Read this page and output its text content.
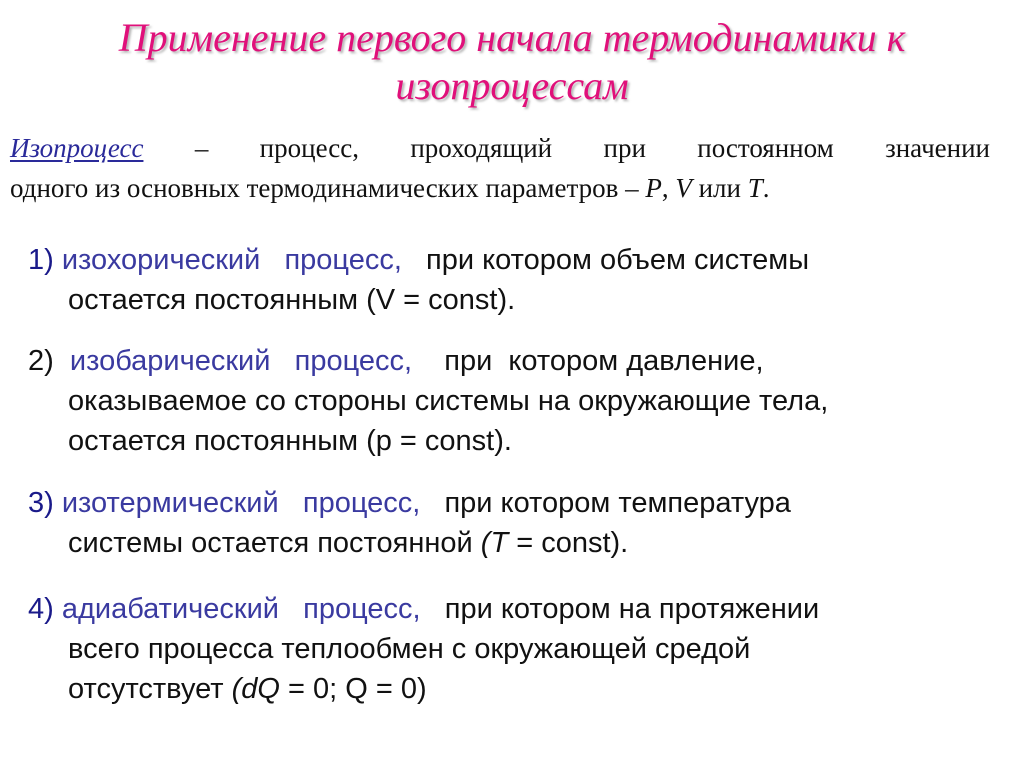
Применение первого начала термодинамики к
изопроцессам
Изопроцесс – процесс, проходящий при постоянном значении
одного из основных термодинамических параметров – P, V или T.
1) изохорический   процесс,   при котором объем системы
остается постоянным (V = const).
2) изобарический   процесс,    при  котором давление,
оказываемое со стороны системы на окружающие тела,
остается постоянным (p = const).
3) изотермический   процесс,   при котором температура
системы остается постоянной (T = const).
4) адиабатический   процесс,   при котором на протяжении
всего процесса теплообмен с окружающей средой
отсутствует (dQ = 0; Q = 0)
